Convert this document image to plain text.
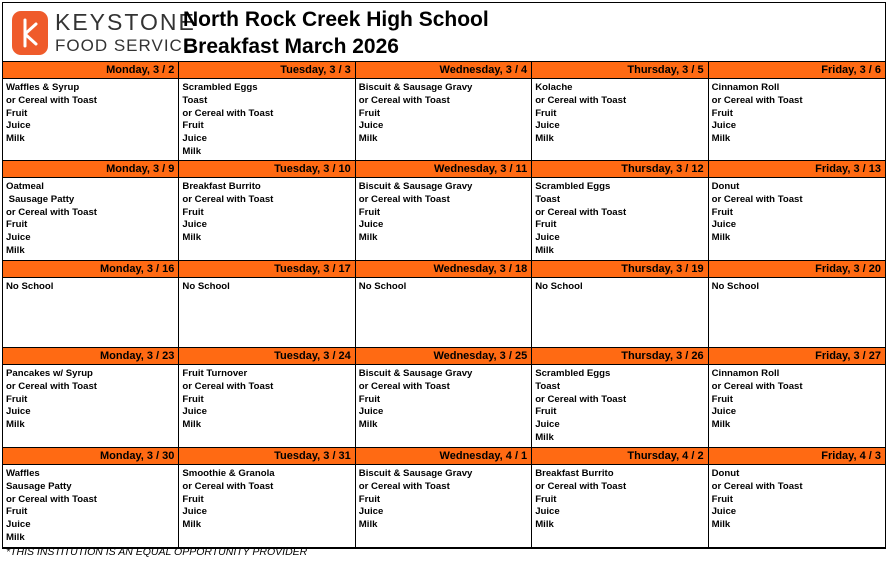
KEYSTONE
FOOD SERVICE
North Rock Creek High School
Breakfast March 2026
Monday, 3 / 2
Waffles & Syrup
or Cereal with Toast
Fruit
Juice
Milk
Tuesday, 3 / 3
Scrambled Eggs
Toast
or Cereal with Toast
Fruit
Juice
Milk
Wednesday, 3 / 4
Biscuit & Sausage Gravy
or Cereal with Toast
Fruit
Juice
Milk
Thursday, 3 / 5
Kolache
or Cereal with Toast
Fruit
Juice
Milk
Friday, 3 / 6
Cinnamon Roll
or Cereal with Toast
Fruit
Juice
Milk
Monday, 3 / 9
Oatmeal
Sausage Patty
or Cereal with Toast
Fruit
Juice
Milk
Tuesday, 3 / 10
Breakfast Burrito
or Cereal with Toast
Fruit
Juice
Milk
Wednesday, 3 / 11
Biscuit & Sausage Gravy
or Cereal with Toast
Fruit
Juice
Milk
Thursday, 3 / 12
Scrambled Eggs
Toast
or Cereal with Toast
Fruit
Juice
Milk
Friday, 3 / 13
Donut
or Cereal with Toast
Fruit
Juice
Milk
Monday, 3 / 16
No School
Tuesday, 3 / 17
No School
Wednesday, 3 / 18
No School
Thursday, 3 / 19
No School
Friday, 3 / 20
No School
Monday, 3 / 23
Pancakes w/ Syrup
or Cereal with Toast
Fruit
Juice
Milk
Tuesday, 3 / 24
Fruit Turnover
or Cereal with Toast
Fruit
Juice
Milk
Wednesday, 3 / 25
Biscuit & Sausage Gravy
or Cereal with Toast
Fruit
Juice
Milk
Thursday, 3 / 26
Scrambled Eggs
Toast
or Cereal with Toast
Fruit
Juice
Milk
Friday, 3 / 27
Cinnamon Roll
or Cereal with Toast
Fruit
Juice
Milk
Monday, 3 / 30
Waffles
Sausage Patty
or Cereal with Toast
Fruit
Juice
Milk
Tuesday, 3 / 31
Smoothie & Granola
or Cereal with Toast
Fruit
Juice
Milk
Wednesday, 4 / 1
Biscuit & Sausage Gravy
or Cereal with Toast
Fruit
Juice
Milk
Thursday, 4 / 2
Breakfast Burrito
or Cereal with Toast
Fruit
Juice
Milk
Friday, 4 / 3
Donut
or Cereal with Toast
Fruit
Juice
Milk
*THIS INSTITUTION IS AN EQUAL OPPORTUNITY PROVIDER
